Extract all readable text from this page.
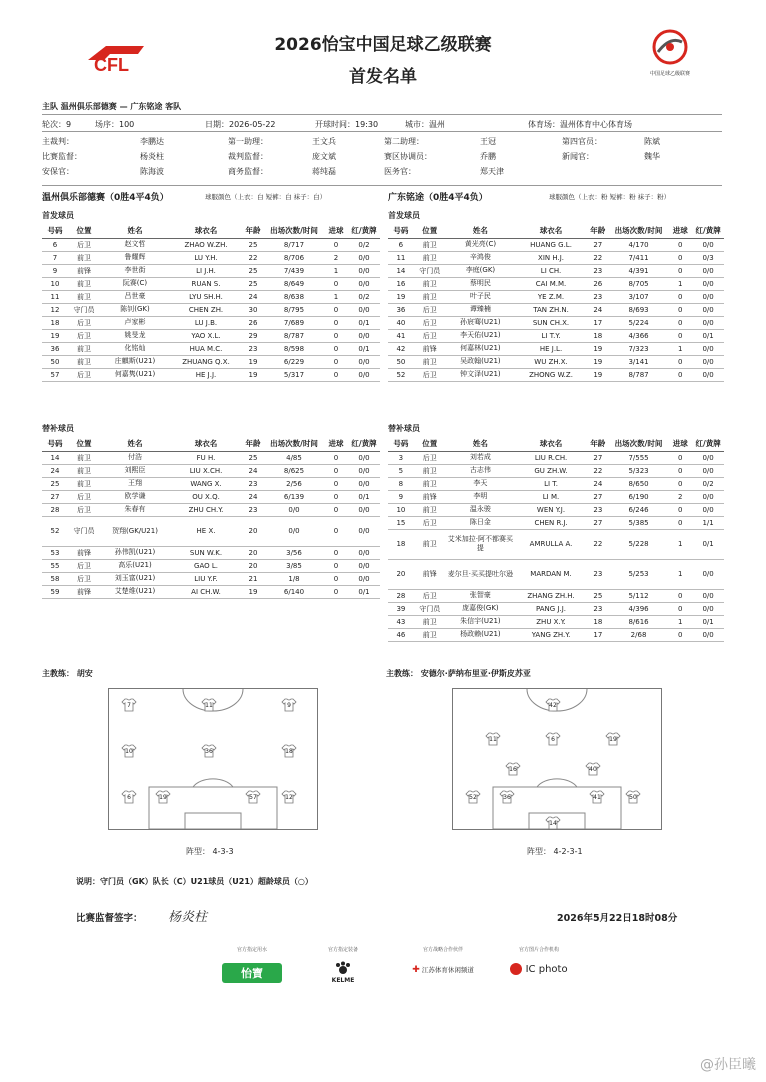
CFL	中国足球乙级联赛
2026怡宝中国足球乙级联赛
首发名单
主队 温州俱乐部德赛 — 广东铭途 客队
轮次：9	场序：100	日期：2026-05-22	开球时间：19:30	城市：温州	体育场：温州体育中心体育场
主裁判：	李鹏达	第一助理：	王文兵	第二助理：	王冠	第四官员：	陈斌
比赛监督：	杨炎柱	裁判监督：	庞文斌	赛区协调员：	乔鹏	新闻官：	魏华
安保官：	陈海波	商务监督：	蒋纯磊	医务官：	郑天津
温州俱乐部德赛（0胜4平4负）	球服颜色（上衣：白 短裤：白 袜子：白）	广东铭途（0胜4平4负）	球服颜色（上衣：粉 短裤：粉 袜子：粉）
首发球员	首发球员
号码	位置	姓名	球衣名	年龄	出场次数/时间	进球	红/黄牌
6	后卫	赵文哲	ZHAO W.ZH.	25	8/717	0	0/2
7	前卫	鲁耀辉	LU Y.H.	22	8/706	2	0/0
9	前锋	李世街	LI J.H.	25	7/439	1	0/0
10	前卫	阮赛(C)	RUAN S.	25	8/649	0	0/0
11	前卫	吕世豪	LYU SH.H.	24	8/638	1	0/2
12	守门员	陈钊(GK)	CHEN ZH.	30	8/795	0	0/0
18	后卫	卢家彬	LU J.B.	26	7/689	0	0/1
19	后卫	姚旻龙	YAO X.L.	29	8/787	0	0/0
36	前卫	化铭灿	HUA M.C.	23	8/598	0	0/1
50	前卫	庄麒斯(U21)	ZHUANG Q.X.	19	6/229	0	0/0
57	后卫	何嘉隽(U21)	HE J.J.	19	5/317	0	0/0
号码	位置	姓名	球衣名	年龄	出场次数/时间	进球	红/黄牌
6	前卫	黄光亮(C)	HUANG G.L.	27	4/170	0	0/0
11	前卫	辛鸿俊	XIN H.J.	22	7/411	0	0/3
14	守门员	李庭(GK)	LI CH.	23	4/391	0	0/0
16	前卫	蔡明民	CAI M.M.	26	8/705	1	0/0
19	前卫	叶子民	YE Z.M.	23	3/107	0	0/0
36	后卫	谭臻楠	TAN ZH.N.	24	8/693	0	0/0
40	后卫	孙宸骞(U21)	SUN CH.X.	17	5/224	0	0/0
41	后卫	李天佑(U21)	LI T.Y.	18	4/366	0	0/1
42	前锋	何嘉林(U21)	HE J.L.	19	7/323	1	0/0
50	前卫	吴政翰(U21)	WU ZH.X.	19	3/141	0	0/0
52	后卫	钟文泽(U21)	ZHONG W.Z.	19	8/787	0	0/0
替补球员	替补球员
号码	位置	姓名	球衣名	年龄	出场次数/时间	进球	红/黄牌
14	前卫	付浩	FU H.	25	4/85	0	0/0
24	前卫	刘熙臣	LIU X.CH.	24	8/625	0	0/0
25	前卫	王翔	WANG X.	23	2/56	0	0/0
27	后卫	欧学谦	OU X.Q.	24	6/139	0	0/1
28	后卫	朱春有	ZHU CH.Y.	23	0/0	0	0/0
52	守门员	贺翔(GK/U21)	HE X.	20	0/0	0	0/0
53	前锋	孙伟凯(U21)	SUN W.K.	20	3/56	0	0/0
55	后卫	高乐(U21)	GAO L.	20	3/85	0	0/0
58	后卫	刘玉富(U21)	LIU Y.F.	21	1/8	0	0/0
59	前锋	艾楚维(U21)	AI CH.W.	19	6/140	0	0/1
号码	位置	姓名	球衣名	年龄	出场次数/时间	进球	红/黄牌
3	后卫	刘若成	LIU R.CH.	27	7/555	0	0/0
5	前卫	古志伟	GU ZH.W.	22	5/323	0	0/0
8	前卫	李天	LI T.	24	8/650	0	0/2
9	前锋	李明	LI M.	27	6/190	2	0/0
10	前卫	温永骏	WEN Y.J.	23	6/246	0	0/0
15	后卫	陈日金	CHEN R.J.	27	5/385	0	1/1
18	前卫	艾米加拉·阿不都赛买提	AMRULLA A.	22	5/228	1	0/1
20	前锋	麦尔旦·买买提吐尔逊	MARDAN M.	23	5/253	1	0/0
28	后卫	张智豪	ZHANG ZH.H.	25	5/112	0	0/0
39	守门员	庞嘉俊(GK)	PANG J.J.	23	4/396	0	0/0
43	前卫	朱信宇(U21)	ZHU X.Y.	18	8/616	1	0/1
46	前卫	杨政赖(U21)	YANG ZH.Y.	17	2/68	0	0/0
主教练： 胡安	主教练： 安德尔·萨纳布里亚·伊斯皮苏亚
7	11	9
10	36	18
6	19	57	12
42
11	6	19
16	40
52	36	41	50
14
阵型： 4-3-3	阵型： 4-2-3-1
说明：守门员（GK）队长（C）U21球员（U21）超龄球员（○）
比赛监督签字： 杨炎柱	2026年5月22日18时08分
官方指定用水
怡寶
官方指定装备
KELME
官方战略合作伙伴
✚ 江苏体育休闲频道
官方图片合作机构
IC photo
@孙臣曦
